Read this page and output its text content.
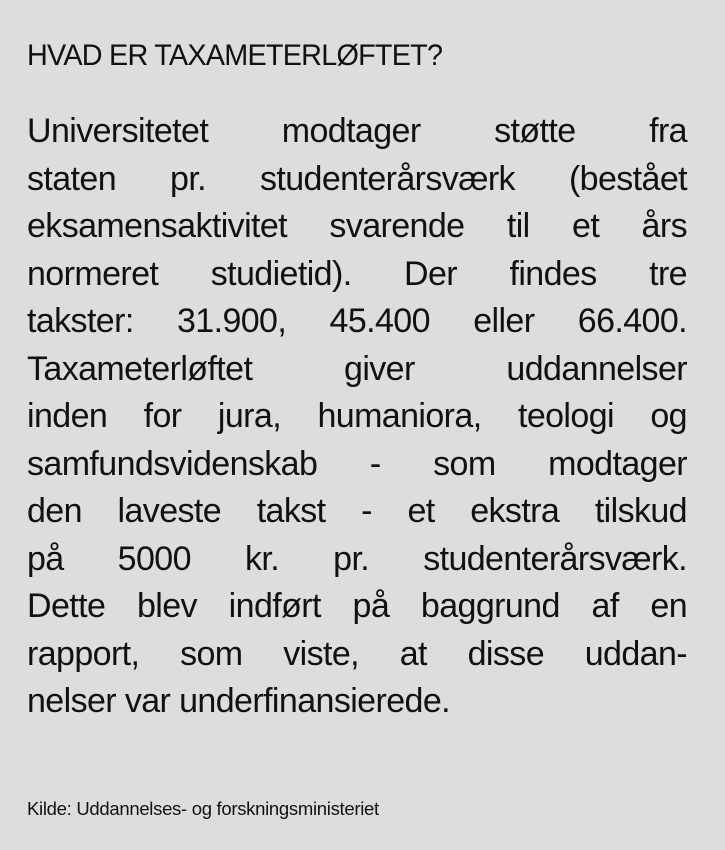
HVAD ER TAXAMETERLØFTET?
Universitetet modtager støtte fra
staten pr. studenterårsværk (bestået
eksamensaktivitet svarende til et års
normeret studietid). Der findes tre
takster: 31.900, 45.400 eller 66.400.
Taxameterløftet giver uddannelser
inden for jura, humaniora, teologi og
samfundsvidenskab - som modtager
den laveste takst - et ekstra tilskud
på 5000 kr. pr. studenterårsværk.
Dette blev indført på baggrund af en
rapport, som viste, at disse uddan-
nelser var underfinansierede.
Kilde: Uddannelses- og forskningsministeriet
